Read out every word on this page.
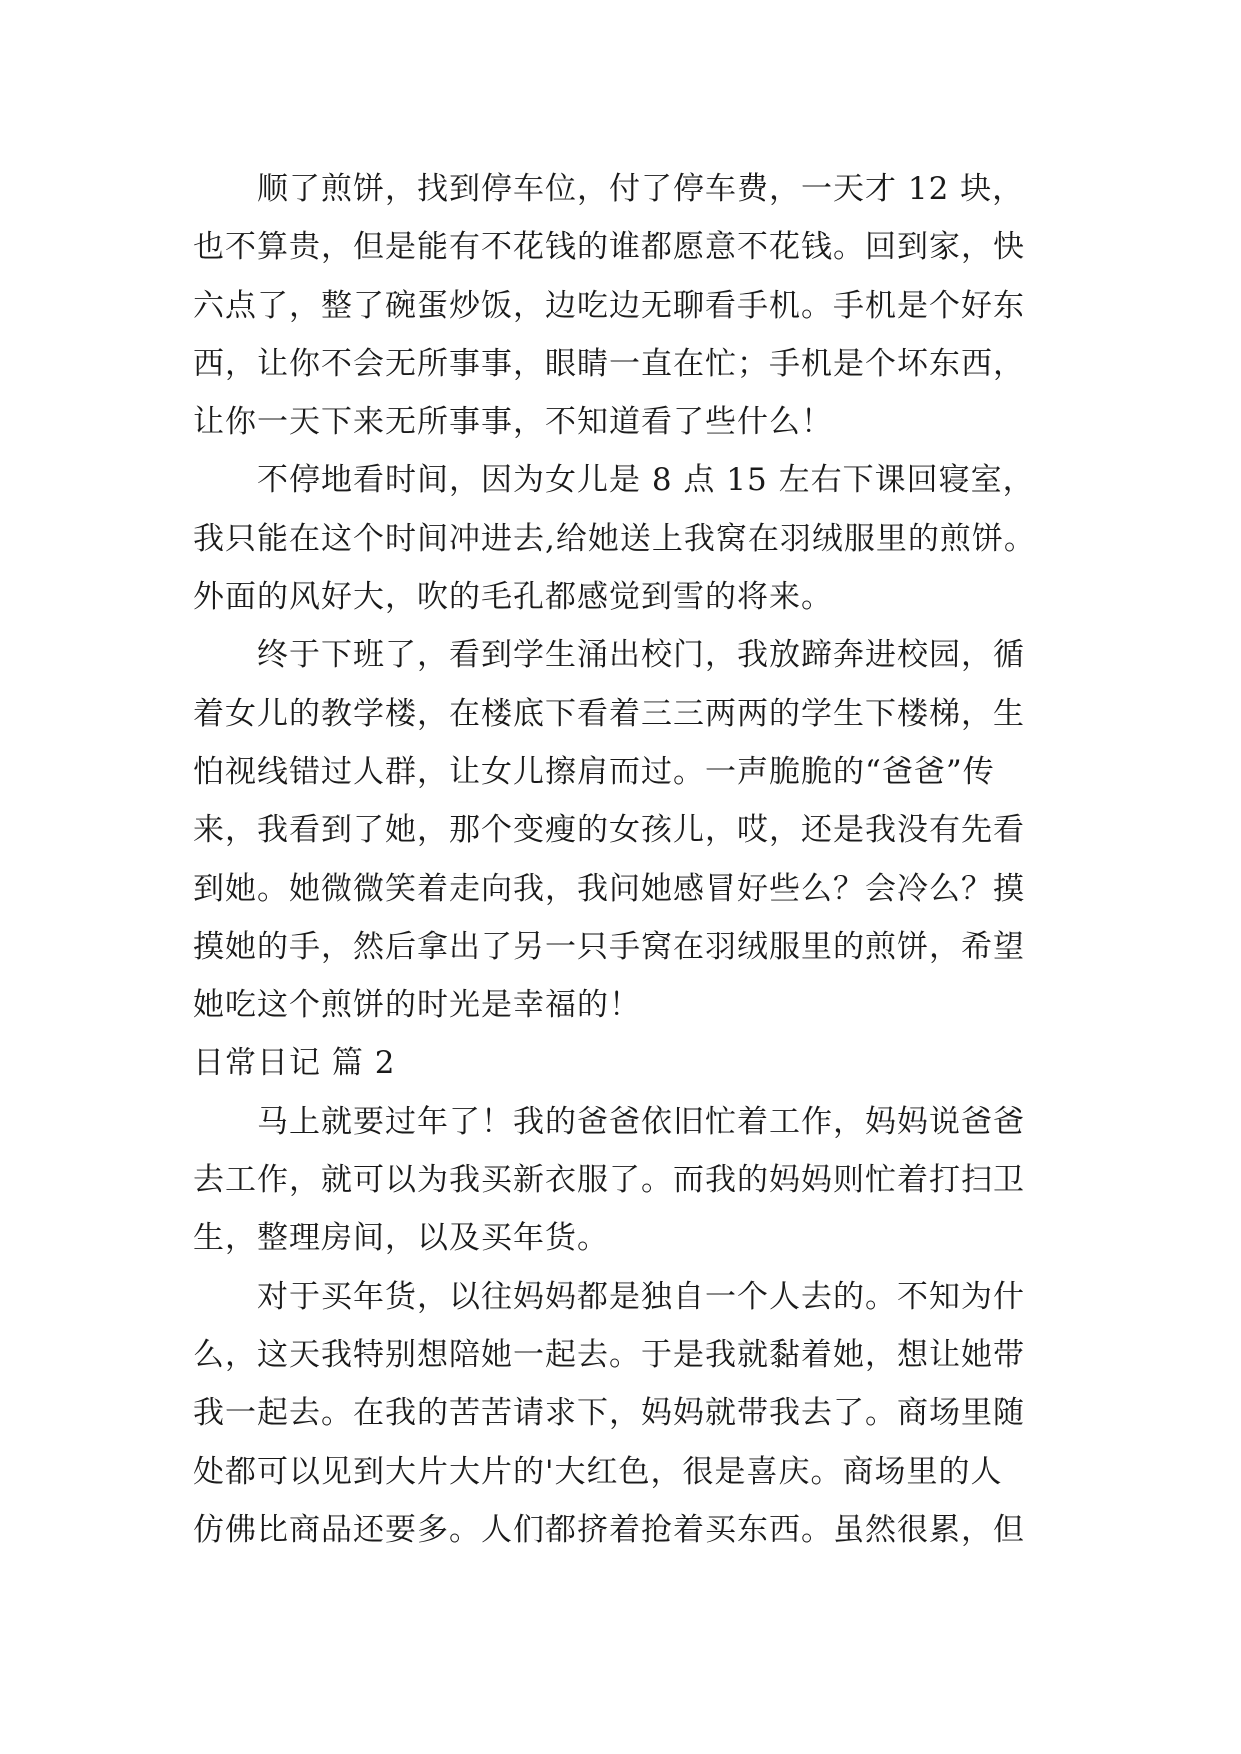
顺了煎饼，找到停车位，付了停车费，一天才 12 块，
也不算贵，但是能有不花钱的谁都愿意不花钱。回到家，快
六点了，整了碗蛋炒饭，边吃边无聊看手机。手机是个好东
西，让你不会无所事事，眼睛一直在忙；手机是个坏东西，
让你一天下来无所事事，不知道看了些什么！

不停地看时间，因为女儿是 8 点 15 左右下课回寝室，
我只能在这个时间冲进去,给她送上我窝在羽绒服里的煎饼。
外面的风好大，吹的毛孔都感觉到雪的将来。

终于下班了，看到学生涌出校门，我放蹄奔进校园，循
着女儿的教学楼，在楼底下看着三三两两的学生下楼梯，生
怕视线错过人群，让女儿擦肩而过。一声脆脆的“爸爸”传
来，我看到了她，那个变瘦的女孩儿，哎，还是我没有先看
到她。她微微笑着走向我，我问她感冒好些么？会冷么？摸
摸她的手，然后拿出了另一只手窝在羽绒服里的煎饼，希望
她吃这个煎饼的时光是幸福的！

日常日记 篇 2

马上就要过年了！我的爸爸依旧忙着工作，妈妈说爸爸
去工作，就可以为我买新衣服了。而我的妈妈则忙着打扫卫
生，整理房间，以及买年货。

对于买年货，以往妈妈都是独自一个人去的。不知为什
么，这天我特别想陪她一起去。于是我就黏着她，想让她带
我一起去。在我的苦苦请求下，妈妈就带我去了。商场里随
处都可以见到大片大片的'大红色，很是喜庆。商场里的人
仿佛比商品还要多。人们都挤着抢着买东西。虽然很累，但
